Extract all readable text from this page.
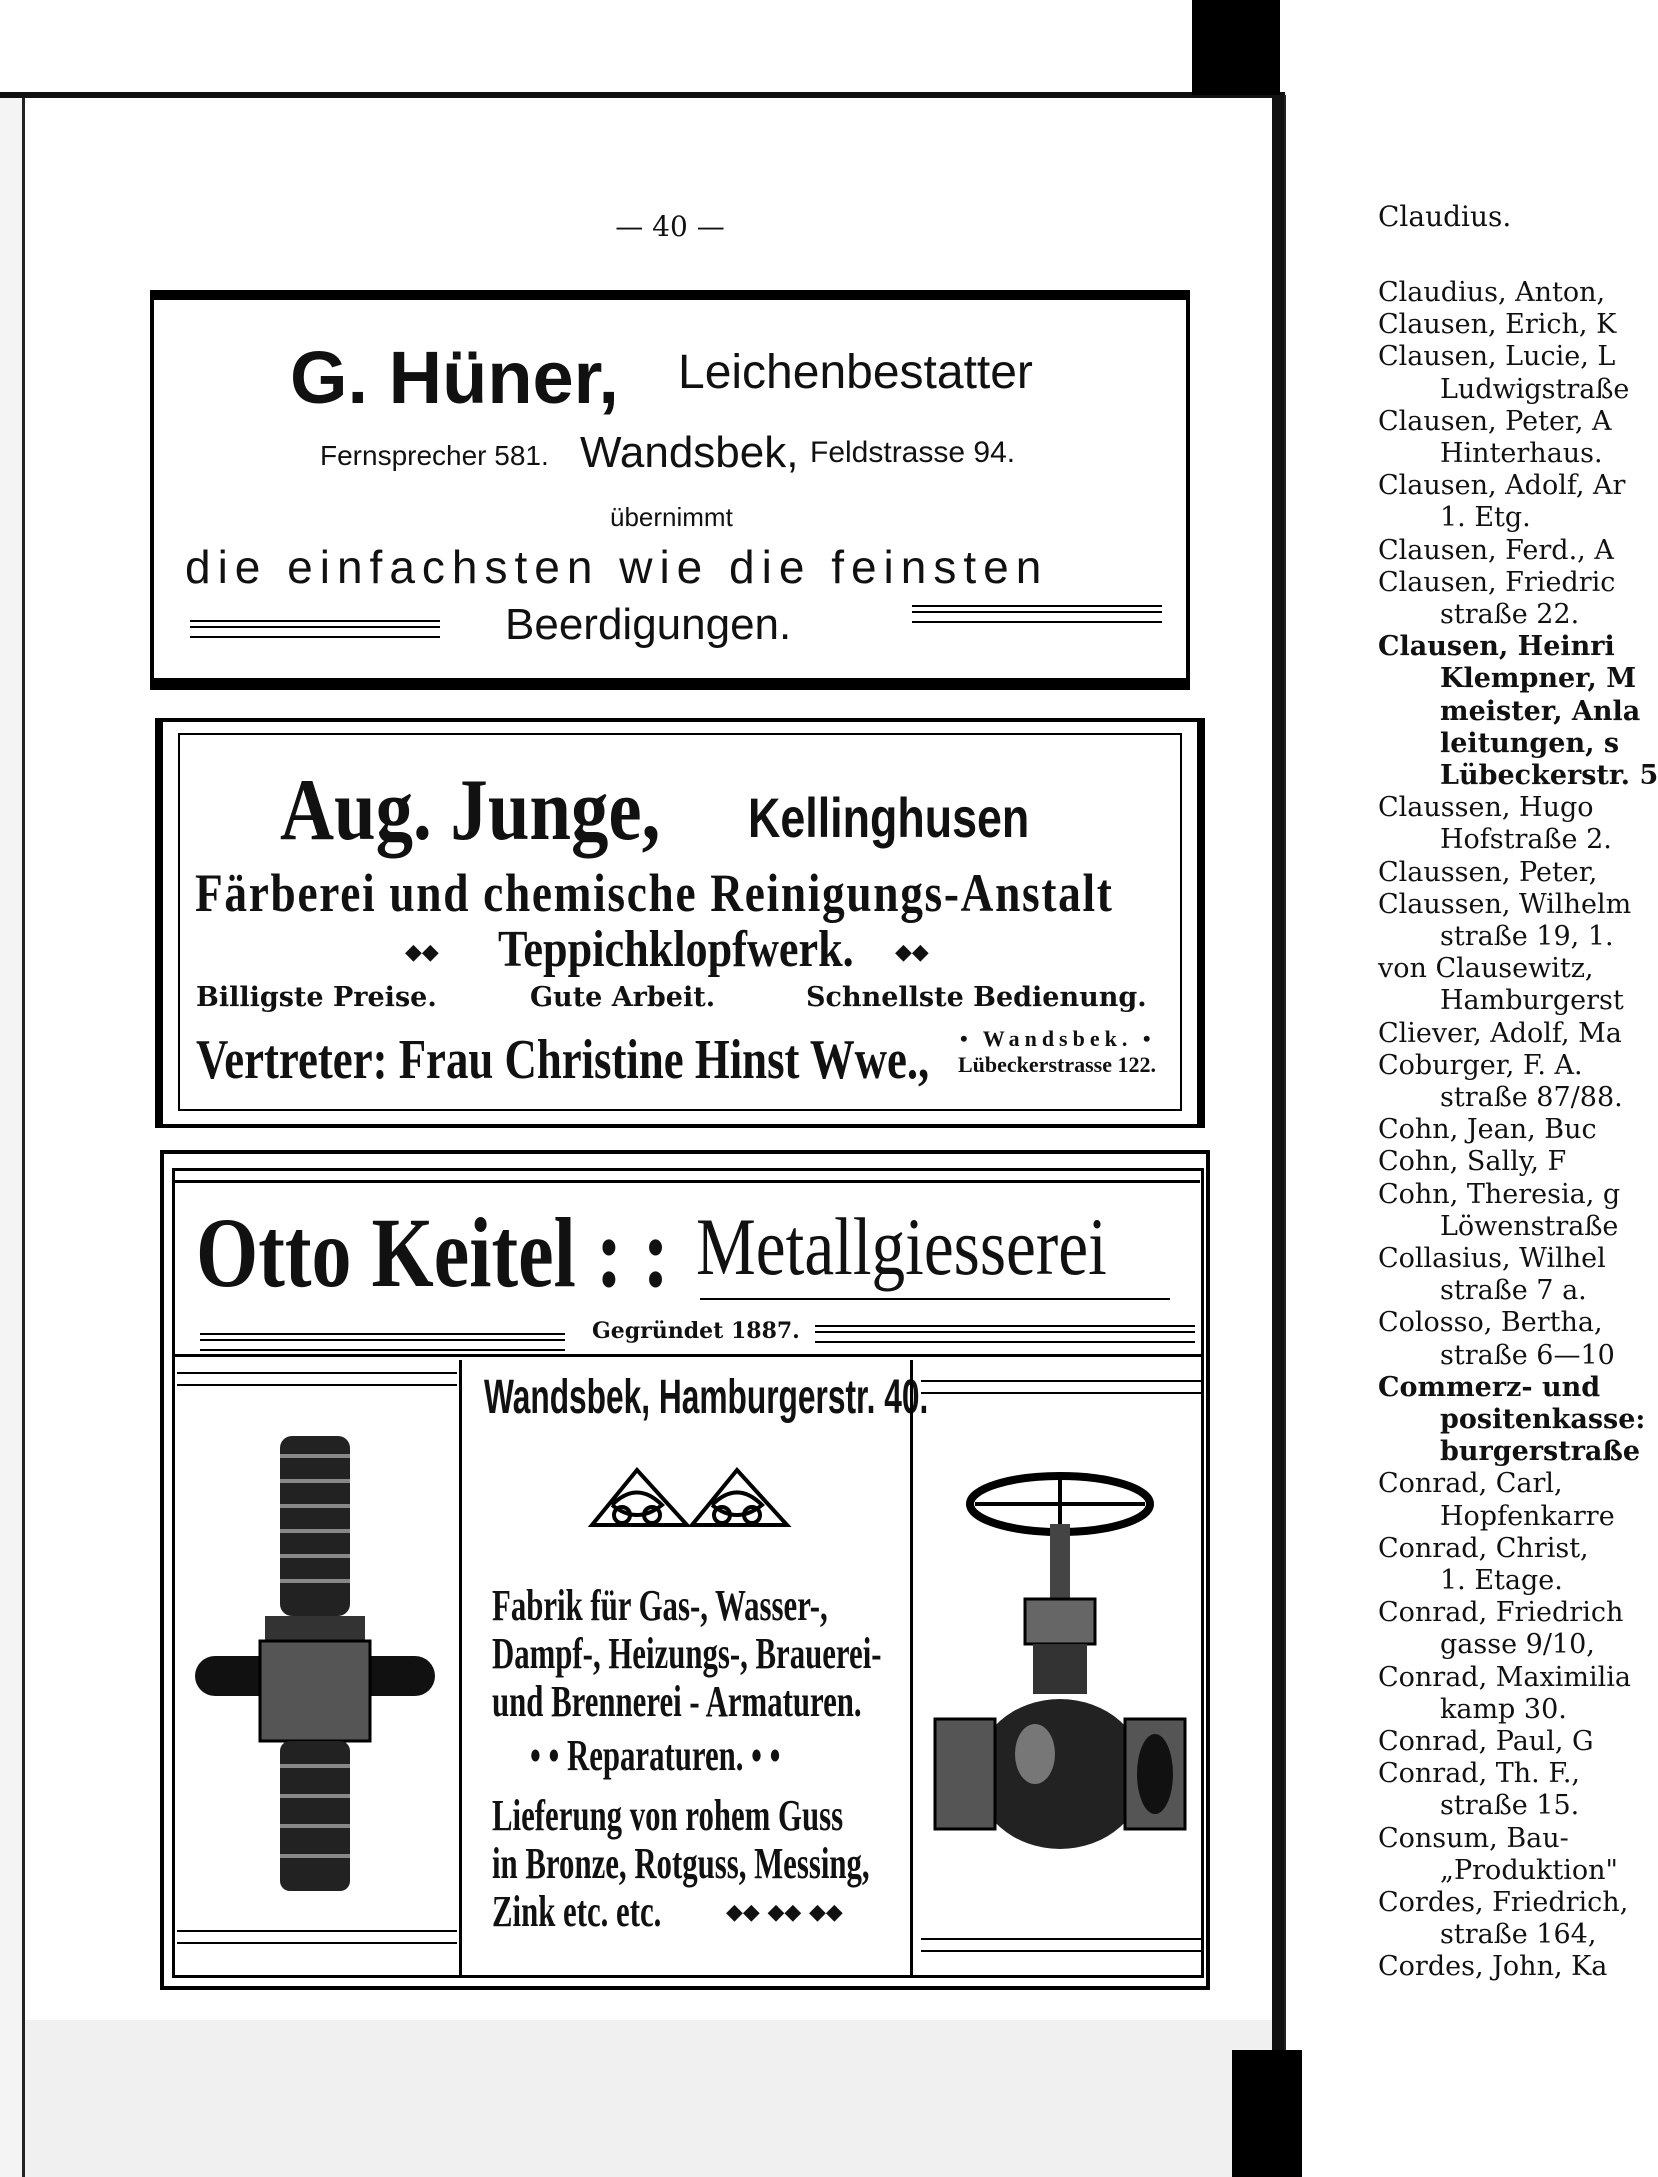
— 40 —
G. Hüner, Leichenbestatter
Fernsprecher 581. Wandsbek, Feldstrasse 94.
übernimmt
die einfachsten wie die feinsten
Beerdigungen.
Aug. Junge, Kellinghusen
Färberei und chemische Reinigungs-Anstalt
◆◆ Teppichklopfwerk. ◆◆
Billigste Preise.	Gute Arbeit.	Schnellste Bedienung.
Vertreter: Frau Christine Hinst Wwe., • Wandsbek. •
Lübeckerstrasse 122.
Otto Keitel : : Metallgiesserei
Gegründet 1887.
Wandsbek, Hamburgerstr. 40.
Fabrik für Gas-, Wasser-,
Dampf-, Heizungs-, Brauerei-
und Brennerei - Armaturen.
• • Reparaturen. • •
Lieferung von rohem Guss
in Bronze, Rotguss, Messing,
Zink etc. etc.	◆◆ ◆◆ ◆◆
Claudius.
Claudius, Anton,
Clausen, Erich, K
Clausen, Lucie, L
Ludwigstraße
Clausen, Peter, A
Hinterhaus.
Clausen, Adolf, Ar
1. Etg.
Clausen, Ferd., A
Clausen, Friedric
straße 22.
Clausen, Heinri
Klempner, M
meister, Anla
leitungen, s
Lübeckerstr. 5
Claussen, Hugo
Hofstraße 2.
Claussen, Peter,
Claussen, Wilhelm
straße 19, 1.
von Clausewitz,
Hamburgerst
Cliever, Adolf, Ma
Coburger, F. A.
straße 87/88.
Cohn, Jean, Buc
Cohn, Sally, F
Cohn, Theresia, g
Löwenstraße
Collasius, Wilhel
straße 7 a.
Colosso, Bertha,
straße 6—10
Commerz- und
positenkasse:
burgerstraße
Conrad, Carl,
Hopfenkarre
Conrad, Christ,
1. Etage.
Conrad, Friedrich
gasse 9/10,
Conrad, Maximilia
kamp 30.
Conrad, Paul, G
Conrad, Th. F.,
straße 15.
Consum, Bau-
„Produktion"
Cordes, Friedrich,
straße 164,
Cordes, John, Ka
